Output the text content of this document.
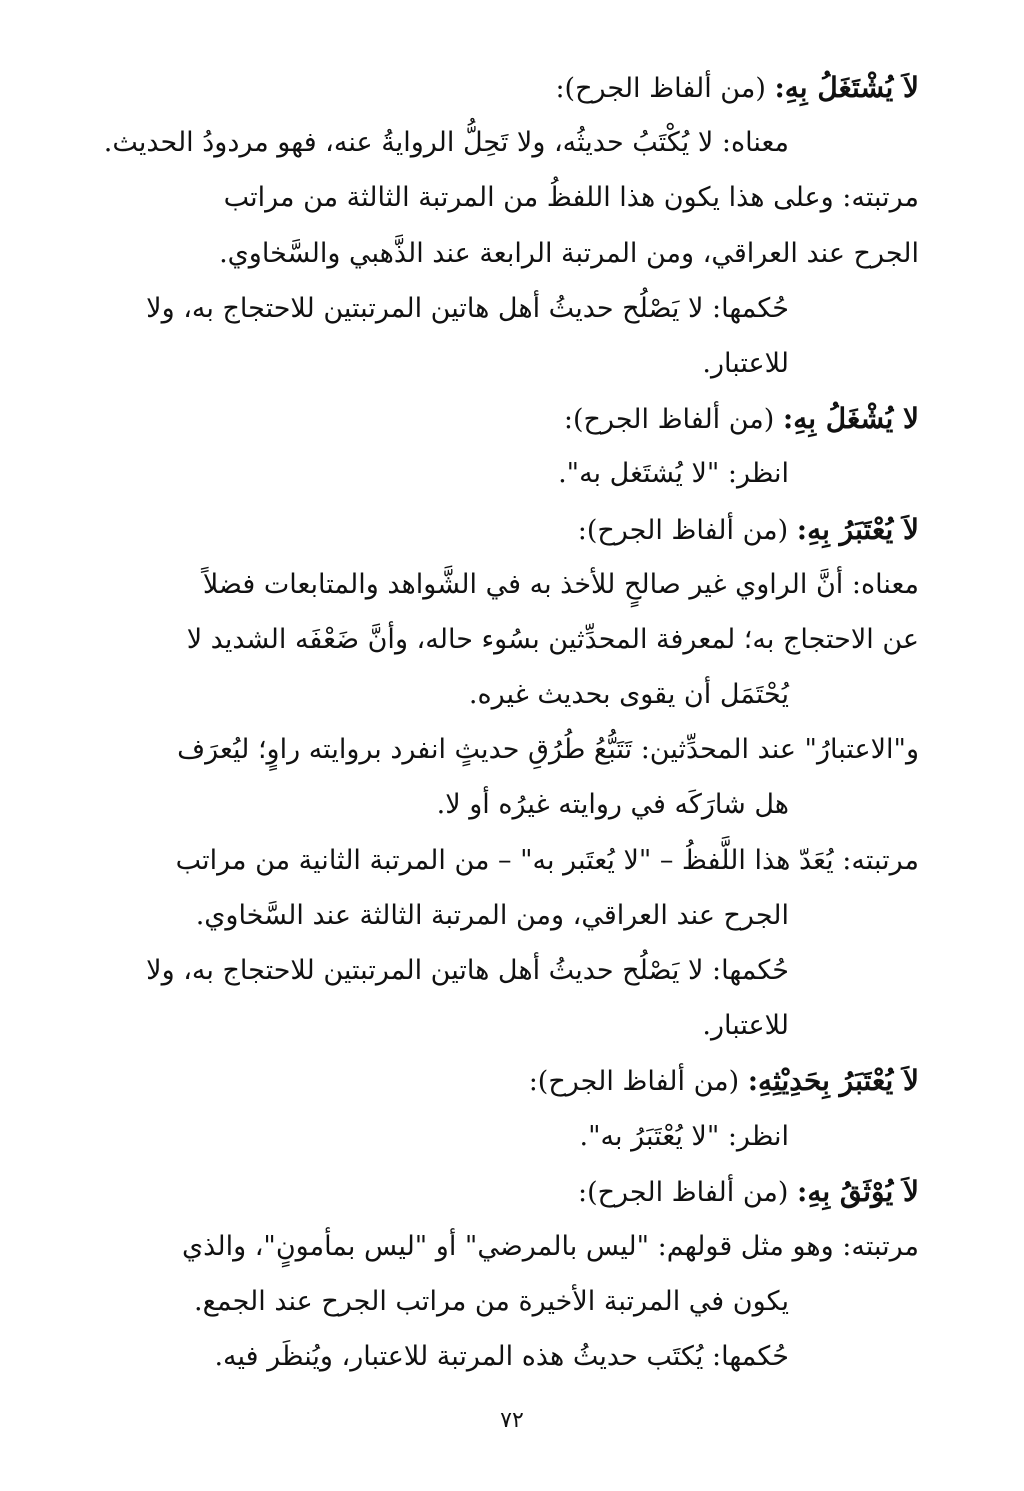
لاَ يُشْتَغَلُ بِهِ: (من ألفاظ الجرح):
معناه: لا يُكْتَبُ حديثُه، ولا تَحِلُّ الروايةُ عنه، فهو مردودُ الحديث.
مرتبته: وعلى هذا يكون هذا اللفظُ من المرتبة الثالثة من مراتب
الجرح عند العراقي، ومن المرتبة الرابعة عند الذَّهبي والسَّخاوي.
حُكمها: لا يَصْلُح حديثُ أهل هاتين المرتبتين للاحتجاج به، ولا
للاعتبار.
لا يُشْغَلُ بِهِ: (من ألفاظ الجرح):
انظر: "لا يُشتَغل به".
لاَ يُعْتَبَرُ بِهِ: (من ألفاظ الجرح):
معناه: أنَّ الراوي غير صالحٍ للأخذ به في الشَّواهد والمتابعات فضلاً
عن الاحتجاج به؛ لمعرفة المحدِّثين بسُوء حاله، وأنَّ ضَعْفَه الشديد لا
يُحْتَمَل أن يقوى بحديث غيره.
و"الاعتبارُ" عند المحدِّثين: تَتَبُّعُ طُرُقِ حديثٍ انفرد بروايته راوٍ؛ ليُعرَف
هل شارَكَه في روايته غيرُه أو لا.
مرتبته: يُعَدّ هذا اللَّفظُ – "لا يُعتَبر به" – من المرتبة الثانية من مراتب
الجرح عند العراقي، ومن المرتبة الثالثة عند السَّخاوي.
حُكمها: لا يَصْلُح حديثُ أهل هاتين المرتبتين للاحتجاج به، ولا
للاعتبار.
لاَ يُعْتَبَرُ بِحَدِيْثِهِ: (من ألفاظ الجرح):
انظر: "لا يُعْتَبَرُ به".
لاَ يُوْثَقُ بِهِ: (من ألفاظ الجرح):
مرتبته: وهو مثل قولهم: "ليس بالمرضي" أو "ليس بمأمونٍ"، والذي
يكون في المرتبة الأخيرة من مراتب الجرح عند الجمع.
حُكمها: يُكتَب حديثُ هذه المرتبة للاعتبار، ويُنظَر فيه.
٧٢
